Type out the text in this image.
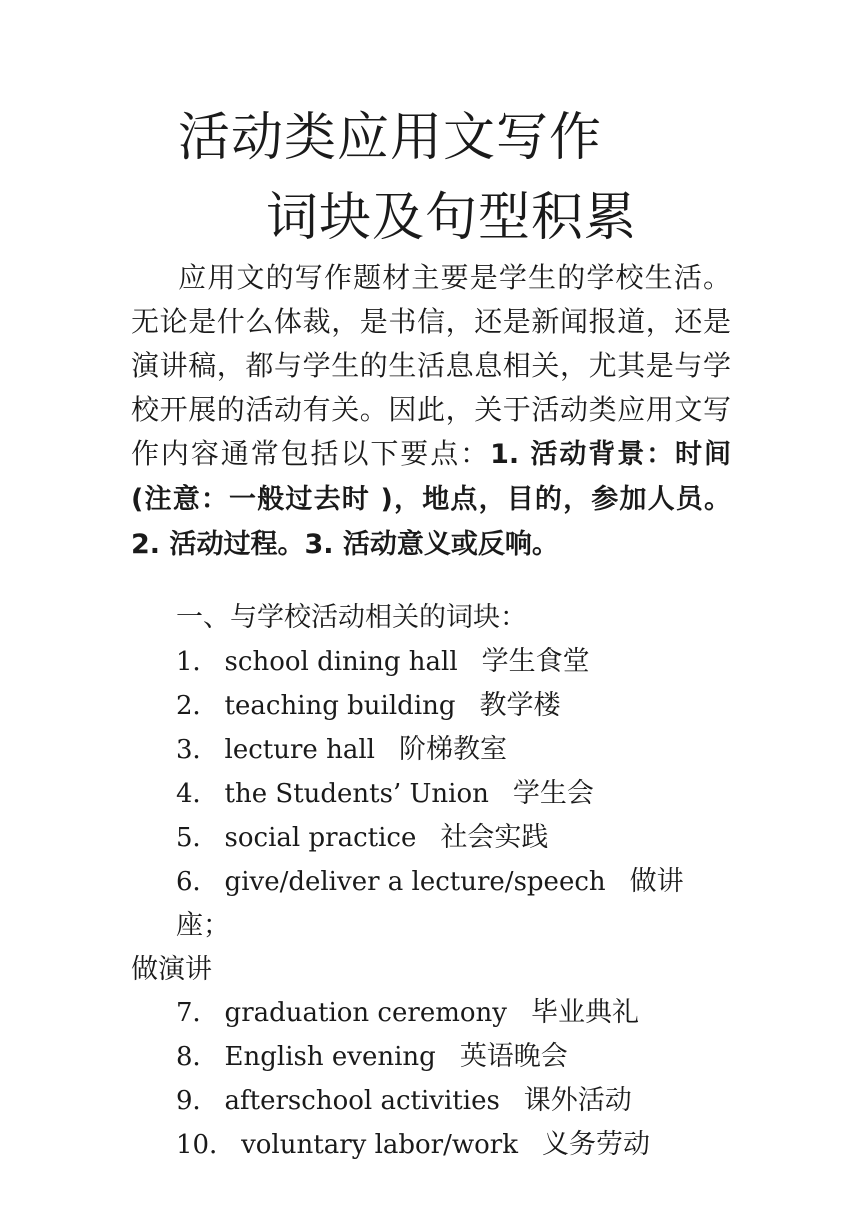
活动类应用文写作
词块及句型积累

应用文的写作题材主要是学生的学校生活。无论是什么体裁，是书信，还是新闻报道，还是演讲稿，都与学生的生活息息相关，尤其是与学校开展的活动有关。因此，关于活动类应用文写作内容通常包括以下要点：1. 活动背景：时间 (注意：一般过去时 )，地点，目的，参加人员。2. 活动过程。3. 活动意义或反响。

一、与学校活动相关的词块：
1． school dining hall 学生食堂
2． teaching building 教学楼
3． lecture hall 阶梯教室
4． the Students’ Union 学生会
5． social practice 社会实践
6． give/deliver a lecture/speech 做讲座；
做演讲
7． graduation ceremony 毕业典礼
8． English evening 英语晚会
9． afterschool activities 课外活动
10． voluntary labor/work 义务劳动
